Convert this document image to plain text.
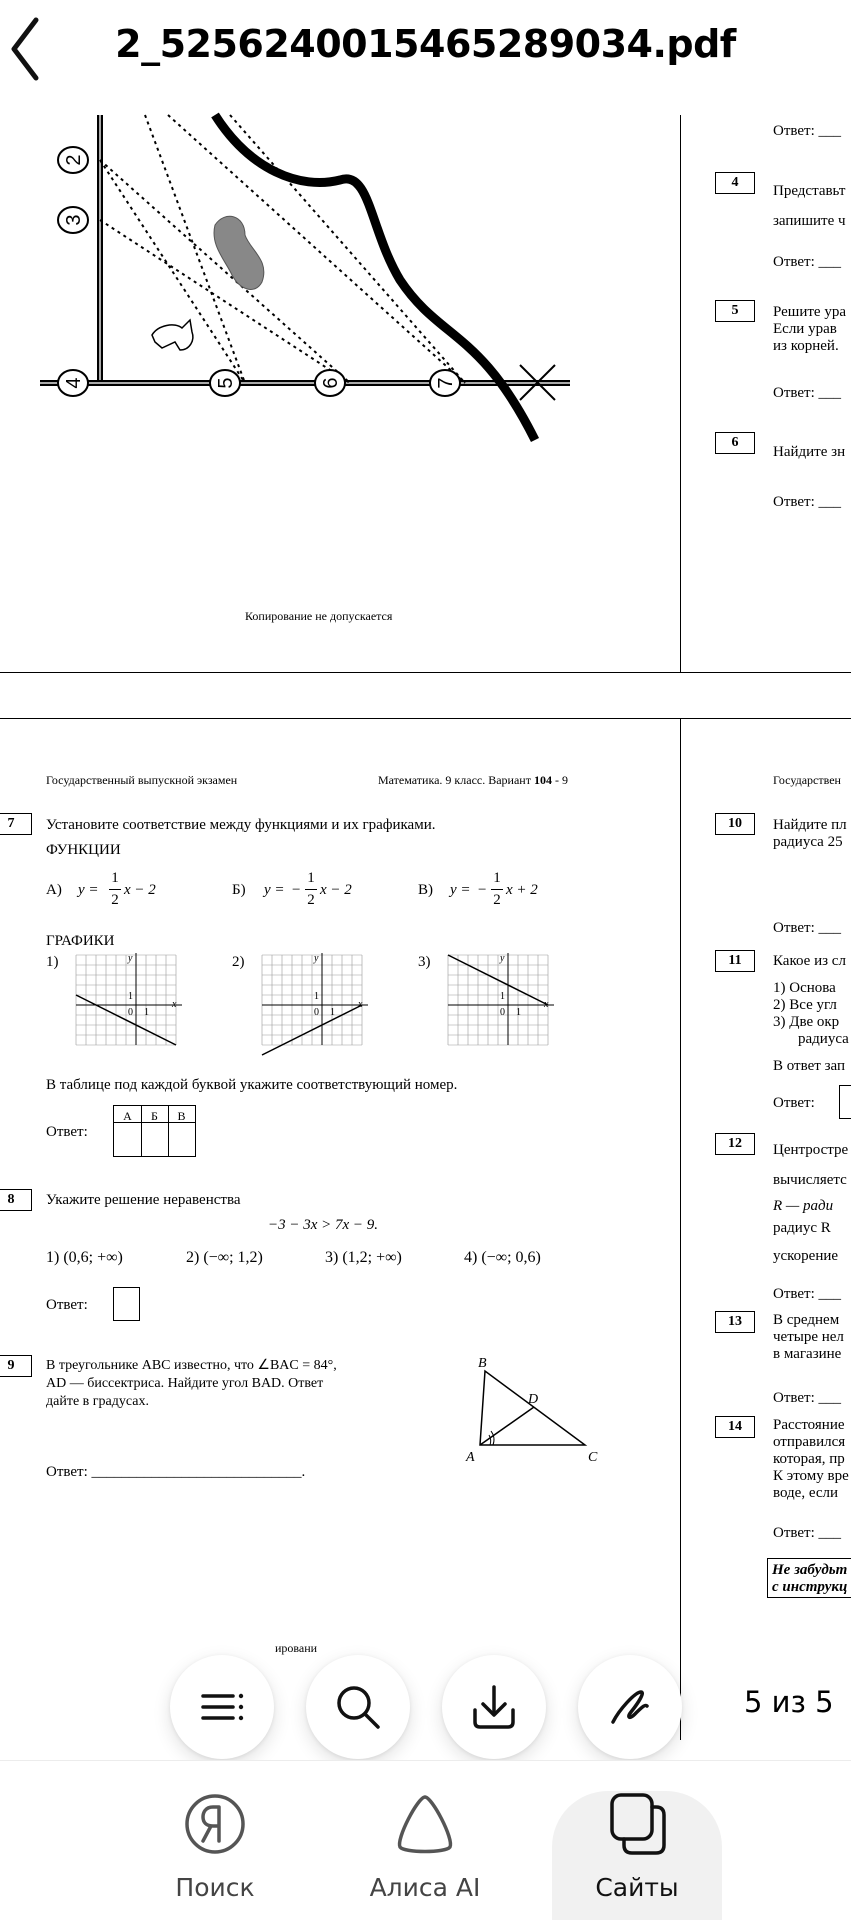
2_5256240015465289034.pdf
2
3
4	5	6	7
Копирование не допускается
Ответ: ___
4
Представьт
запишите ч
Ответ: ___
5	Решите ура
Если урав
из корней.
Ответ: ___
6
Найдите зн
Ответ: ___
Государственный выпускной экзамен	Математика. 9 класс. Вариант 104 - 9
7	Установите соответствие между функциями и их графиками.
ФУНКЦИИ
А) y =
1
2
x − 2	Б) y = −
1
2
x − 2	В) y = −
1
2
x + 2
ГРАФИКИ
1)	2)	3)
y
x
1
0 1
y
x
1
0 1
y
x
1
0 1
В таблице под каждой буквой укажите соответствующий номер.
Ответ:
А	Б	В
8	Укажите решение неравенства
−3 − 3x > 7x − 9.
1) (0,6; +∞)	2) (−∞; 1,2)	3) (1,2; +∞)	4) (−∞; 0,6)
Ответ:
9	В треугольнике ABC известно, что ∠BAC = 84°,
AD — биссектриса. Найдите угол BAD. Ответ
дайте в градусах.
B
D
A	C
Ответ: ____________________________.
ировани
Государствен
10	Найдите пл
радиуса 25
Ответ: ___
11	Какое из сл
1) Основа
2) Все угл
3) Две окр
радиуса
В ответ зап
Ответ:
12	Центростре
вычисляетс
R — ради
радиус R
ускорение
Ответ: ___
13	В среднем
четыре нел
в магазине
Ответ: ___
14	Расстояние
отправился
которая, пр
К этому вре
воде, если
Ответ: ___
Не забудьт
с инструкц
5 из 5
Поиск	Алиса AI	Сайты
